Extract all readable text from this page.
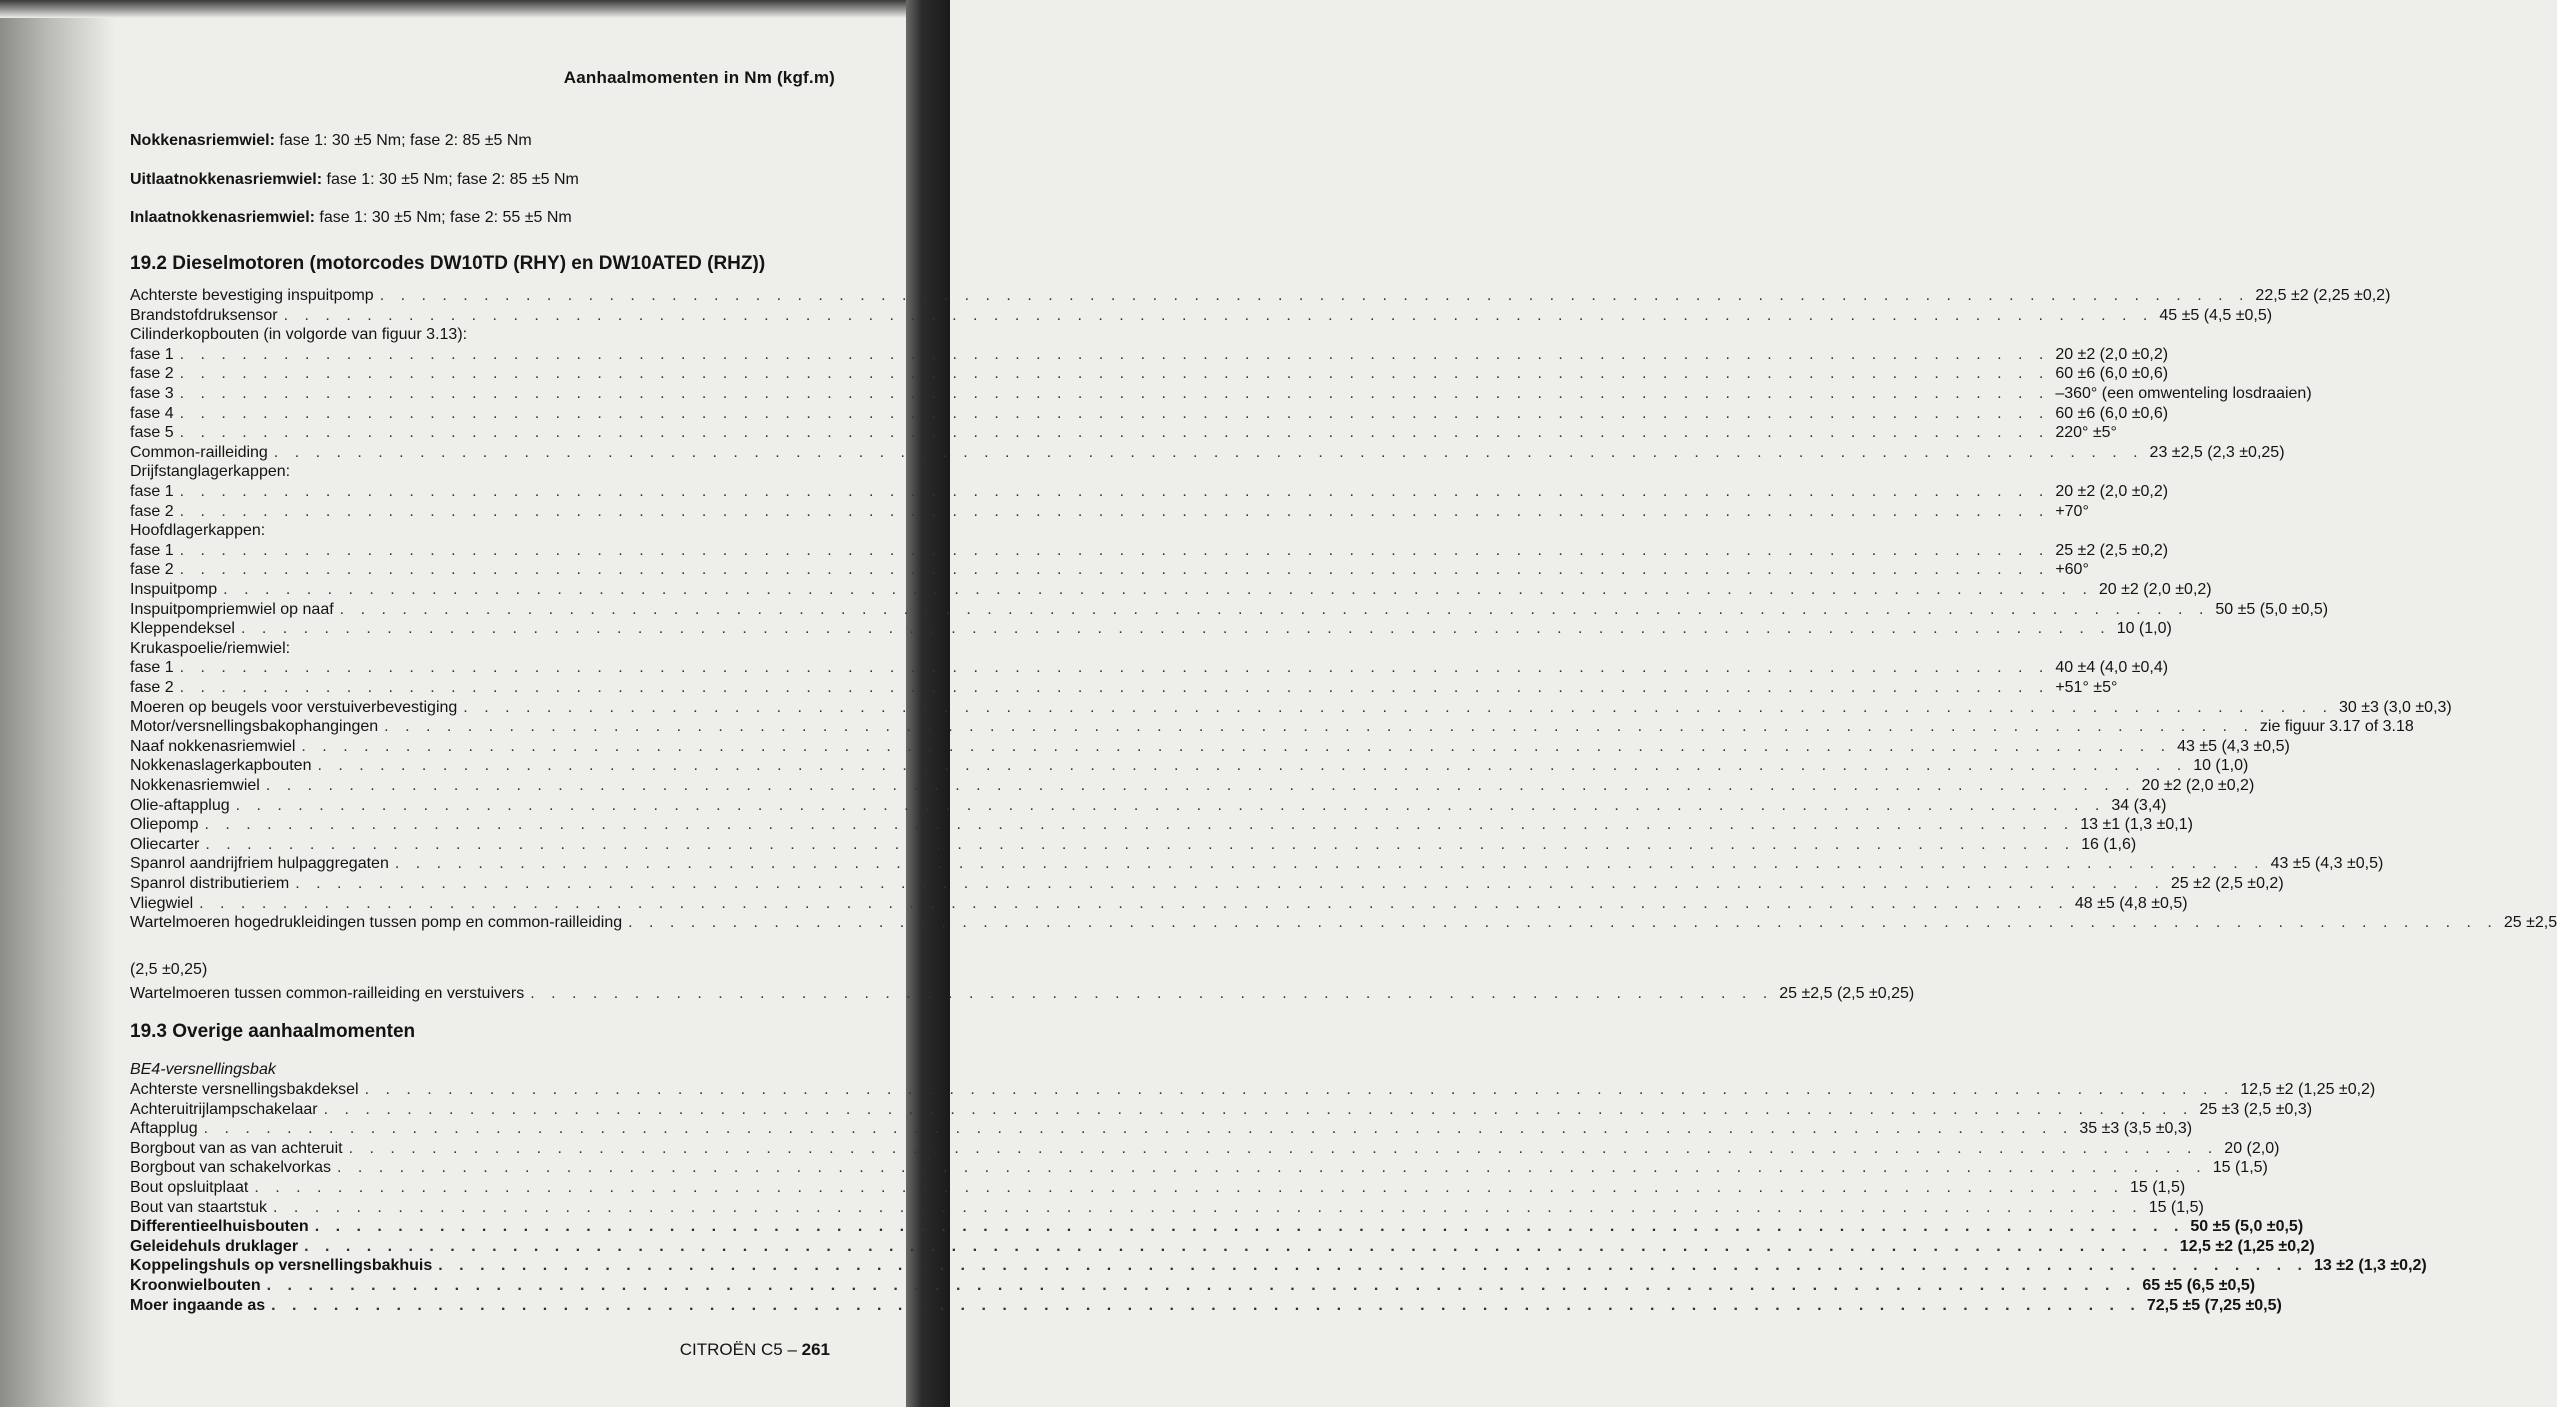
Aanhaalmomenten in Nm (kgf.m)
Nokkenasriemwiel: fase 1: 30 ±5 Nm; fase 2: 85 ±5 Nm
Uitlaatnokkenasriemwiel: fase 1: 30 ±5 Nm; fase 2: 85 ±5 Nm
Inlaatnokkenasriemwiel: fase 1: 30 ±5 Nm; fase 2: 55 ±5 Nm
19.2 Dieselmotoren (motorcodes DW10TD (RHY) en DW10ATED (RHZ))
Achterste bevestiging inspuitpomp . . . . . . . . . . . . . . . . . . . . . . . . . . . . . . . . . . . . . . . . . . . . . . . . . . . . . . . . . . . . . . . . . . . . . . . . . . . . . . . . . . . . . . . . . . 22,5 ±2 (2,25 ±0,2)
Brandstofdruksensor . . . . . . . . . . . . . . . . . . . . . . . . . . . . . . . . . . . . . . . . . . . . . . . . . . . . . . . . . . . . . . . . . . . . . . . . . . . . . . . . . . . . . . . . . . 45 ±5 (4,5 ±0,5)
Cilinderkopbouten (in volgorde van figuur 3.13):
fase 1 . . . . . . . . . . . . . . . . . . . . . . . . . . . . . . . . . . . . . . . . . . . . . . . . . . . . . . . . . . . . . . . . . . . . . . . . . . . . . . . . . . . . . . . . . . 20 ±2 (2,0 ±0,2)
fase 2 . . . . . . . . . . . . . . . . . . . . . . . . . . . . . . . . . . . . . . . . . . . . . . . . . . . . . . . . . . . . . . . . . . . . . . . . . . . . . . . . . . . . . . . . . . 60 ±6 (6,0 ±0,6)
fase 3 . . . . . . . . . . . . . . . . . . . . . . . . . . . . . . . . . . . . . . . . . . . . . . . . . . . . . . . . . . . . . . . . . . . . . . . . . . . . . . . . . . . . . . . . . . –360° (een omwenteling losdraaien)
fase 4 . . . . . . . . . . . . . . . . . . . . . . . . . . . . . . . . . . . . . . . . . . . . . . . . . . . . . . . . . . . . . . . . . . . . . . . . . . . . . . . . . . . . . . . . . . 60 ±6 (6,0 ±0,6)
fase 5 . . . . . . . . . . . . . . . . . . . . . . . . . . . . . . . . . . . . . . . . . . . . . . . . . . . . . . . . . . . . . . . . . . . . . . . . . . . . . . . . . . . . . . . . . . 220° ±5°
Common-railleiding . . . . . . . . . . . . . . . . . . . . . . . . . . . . . . . . . . . . . . . . . . . . . . . . . . . . . . . . . . . . . . . . . . . . . . . . . . . . . . . . . . . . . . . . . . 23 ±2,5 (2,3 ±0,25)
Drijfstanglagerkappen:
fase 1 . . . . . . . . . . . . . . . . . . . . . . . . . . . . . . . . . . . . . . . . . . . . . . . . . . . . . . . . . . . . . . . . . . . . . . . . . . . . . . . . . . . . . . . . . . 20 ±2 (2,0 ±0,2)
fase 2 . . . . . . . . . . . . . . . . . . . . . . . . . . . . . . . . . . . . . . . . . . . . . . . . . . . . . . . . . . . . . . . . . . . . . . . . . . . . . . . . . . . . . . . . . . +70°
Hoofdlagerkappen:
fase 1 . . . . . . . . . . . . . . . . . . . . . . . . . . . . . . . . . . . . . . . . . . . . . . . . . . . . . . . . . . . . . . . . . . . . . . . . . . . . . . . . . . . . . . . . . . 25 ±2 (2,5 ±0,2)
fase 2 . . . . . . . . . . . . . . . . . . . . . . . . . . . . . . . . . . . . . . . . . . . . . . . . . . . . . . . . . . . . . . . . . . . . . . . . . . . . . . . . . . . . . . . . . . +60°
Inspuitpomp . . . . . . . . . . . . . . . . . . . . . . . . . . . . . . . . . . . . . . . . . . . . . . . . . . . . . . . . . . . . . . . . . . . . . . . . . . . . . . . . . . . . . . . . . . 20 ±2 (2,0 ±0,2)
Inspuitpompriemwiel op naaf . . . . . . . . . . . . . . . . . . . . . . . . . . . . . . . . . . . . . . . . . . . . . . . . . . . . . . . . . . . . . . . . . . . . . . . . . . . . . . . . . . . . . . . . . . 50 ±5 (5,0 ±0,5)
Kleppendeksel . . . . . . . . . . . . . . . . . . . . . . . . . . . . . . . . . . . . . . . . . . . . . . . . . . . . . . . . . . . . . . . . . . . . . . . . . . . . . . . . . . . . . . . . . . 10 (1,0)
Krukaspoelie/riemwiel:
fase 1 . . . . . . . . . . . . . . . . . . . . . . . . . . . . . . . . . . . . . . . . . . . . . . . . . . . . . . . . . . . . . . . . . . . . . . . . . . . . . . . . . . . . . . . . . . 40 ±4 (4,0 ±0,4)
fase 2 . . . . . . . . . . . . . . . . . . . . . . . . . . . . . . . . . . . . . . . . . . . . . . . . . . . . . . . . . . . . . . . . . . . . . . . . . . . . . . . . . . . . . . . . . . +51° ±5°
Moeren op beugels voor verstuiverbevestiging . . . . . . . . . . . . . . . . . . . . . . . . . . . . . . . . . . . . . . . . . . . . . . . . . . . . . . . . . . . . . . . . . . . . . . . . . . . . . . . . . . . . . . . . . . 30 ±3 (3,0 ±0,3)
Motor/versnellingsbakophangingen . . . . . . . . . . . . . . . . . . . . . . . . . . . . . . . . . . . . . . . . . . . . . . . . . . . . . . . . . . . . . . . . . . . . . . . . . . . . . . . . . . . . . . . . . . zie figuur 3.17 of 3.18
Naaf nokkenasriemwiel . . . . . . . . . . . . . . . . . . . . . . . . . . . . . . . . . . . . . . . . . . . . . . . . . . . . . . . . . . . . . . . . . . . . . . . . . . . . . . . . . . . . . . . . . . 43 ±5 (4,3 ±0,5)
Nokkenaslagerkapbouten . . . . . . . . . . . . . . . . . . . . . . . . . . . . . . . . . . . . . . . . . . . . . . . . . . . . . . . . . . . . . . . . . . . . . . . . . . . . . . . . . . . . . . . . . . 10 (1,0)
Nokkenasriemwiel . . . . . . . . . . . . . . . . . . . . . . . . . . . . . . . . . . . . . . . . . . . . . . . . . . . . . . . . . . . . . . . . . . . . . . . . . . . . . . . . . . . . . . . . . . 20 ±2 (2,0 ±0,2)
Olie-aftapplug . . . . . . . . . . . . . . . . . . . . . . . . . . . . . . . . . . . . . . . . . . . . . . . . . . . . . . . . . . . . . . . . . . . . . . . . . . . . . . . . . . . . . . . . . . 34 (3,4)
Oliepomp . . . . . . . . . . . . . . . . . . . . . . . . . . . . . . . . . . . . . . . . . . . . . . . . . . . . . . . . . . . . . . . . . . . . . . . . . . . . . . . . . . . . . . . . . . 13 ±1 (1,3 ±0,1)
Oliecarter . . . . . . . . . . . . . . . . . . . . . . . . . . . . . . . . . . . . . . . . . . . . . . . . . . . . . . . . . . . . . . . . . . . . . . . . . . . . . . . . . . . . . . . . . . 16 (1,6)
Spanrol aandrijfriem hulpaggregaten . . . . . . . . . . . . . . . . . . . . . . . . . . . . . . . . . . . . . . . . . . . . . . . . . . . . . . . . . . . . . . . . . . . . . . . . . . . . . . . . . . . . . . . . . . 43 ±5 (4,3 ±0,5)
Spanrol distributieriem . . . . . . . . . . . . . . . . . . . . . . . . . . . . . . . . . . . . . . . . . . . . . . . . . . . . . . . . . . . . . . . . . . . . . . . . . . . . . . . . . . . . . . . . . . 25 ±2 (2,5 ±0,2)
Vliegwiel . . . . . . . . . . . . . . . . . . . . . . . . . . . . . . . . . . . . . . . . . . . . . . . . . . . . . . . . . . . . . . . . . . . . . . . . . . . . . . . . . . . . . . . . . . 48 ±5 (4,8 ±0,5)
Wartelmoeren hogedrukleidingen tussen pomp en common-railleiding . . . . . . . . . . . . . . . . . . . . . . . . . . . . . . . . . . . . . . . . . . . . . . . . . . . . . . . . . . . . . . . . . . . . . . . . . . . . . . . . . . . . . . . . . . 25 ±2,5
(2,5 ±0,25)
Wartelmoeren tussen common-railleiding en verstuivers . . . . . . . . . . . . . . . . . . . . . . . . . . . . . . . . . . . . . . . . . . . . . . . . . . . . . . . . . . . . 25 ±2,5 (2,5 ±0,25)
19.3 Overige aanhaalmomenten
BE4-versnellingsbak
Achterste versnellingsbakdeksel . . . . . . . . . . . . . . . . . . . . . . . . . . . . . . . . . . . . . . . . . . . . . . . . . . . . . . . . . . . . . . . . . . . . . . . . . . . . . . . . . . . . . . . . . . 12,5 ±2 (1,25 ±0,2)
Achteruitrijlampschakelaar . . . . . . . . . . . . . . . . . . . . . . . . . . . . . . . . . . . . . . . . . . . . . . . . . . . . . . . . . . . . . . . . . . . . . . . . . . . . . . . . . . . . . . . . . . 25 ±3 (2,5 ±0,3)
Aftapplug . . . . . . . . . . . . . . . . . . . . . . . . . . . . . . . . . . . . . . . . . . . . . . . . . . . . . . . . . . . . . . . . . . . . . . . . . . . . . . . . . . . . . . . . . . 35 ±3 (3,5 ±0,3)
Borgbout van as van achteruit . . . . . . . . . . . . . . . . . . . . . . . . . . . . . . . . . . . . . . . . . . . . . . . . . . . . . . . . . . . . . . . . . . . . . . . . . . . . . . . . . . . . . . . . . . 20 (2,0)
Borgbout van schakelvorkas . . . . . . . . . . . . . . . . . . . . . . . . . . . . . . . . . . . . . . . . . . . . . . . . . . . . . . . . . . . . . . . . . . . . . . . . . . . . . . . . . . . . . . . . . . 15 (1,5)
Bout opsluitplaat . . . . . . . . . . . . . . . . . . . . . . . . . . . . . . . . . . . . . . . . . . . . . . . . . . . . . . . . . . . . . . . . . . . . . . . . . . . . . . . . . . . . . . . . . . 15 (1,5)
Bout van staartstuk . . . . . . . . . . . . . . . . . . . . . . . . . . . . . . . . . . . . . . . . . . . . . . . . . . . . . . . . . . . . . . . . . . . . . . . . . . . . . . . . . . . . . . . . . . 15 (1,5)
Differentieelhuisbouten . . . . . . . . . . . . . . . . . . . . . . . . . . . . . . . . . . . . . . . . . . . . . . . . . . . . . . . . . . . . . . . . . . . . . . . . . . . . . . . . . . . . . . . . . . 50 ±5 (5,0 ±0,5)
Geleidehuls druklager . . . . . . . . . . . . . . . . . . . . . . . . . . . . . . . . . . . . . . . . . . . . . . . . . . . . . . . . . . . . . . . . . . . . . . . . . . . . . . . . . . . . . . . . . . 12,5 ±2 (1,25 ±0,2)
Koppelingshuls op versnellingsbakhuis . . . . . . . . . . . . . . . . . . . . . . . . . . . . . . . . . . . . . . . . . . . . . . . . . . . . . . . . . . . . . . . . . . . . . . . . . . . . . . . . . . . . . . . . . . 13 ±2 (1,3 ±0,2)
Kroonwielbouten . . . . . . . . . . . . . . . . . . . . . . . . . . . . . . . . . . . . . . . . . . . . . . . . . . . . . . . . . . . . . . . . . . . . . . . . . . . . . . . . . . . . . . . . . . 65 ±5 (6,5 ±0,5)
Moer ingaande as . . . . . . . . . . . . . . . . . . . . . . . . . . . . . . . . . . . . . . . . . . . . . . . . . . . . . . . . . . . . . . . . . . . . . . . . . . . . . . . . . . . . . . . . . . 72,5 ±5 (7,25 ±0,5)
CITROËN C5 – 261
